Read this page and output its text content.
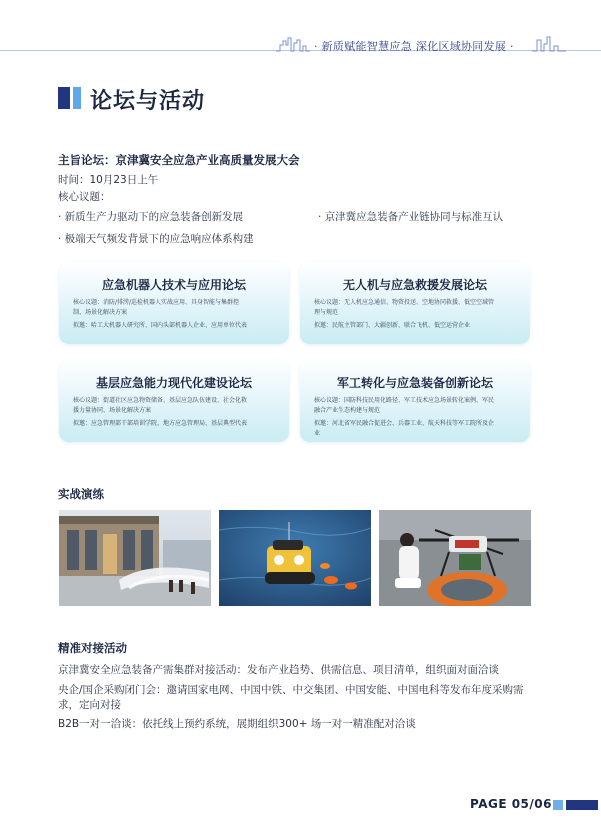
· 新质赋能智慧应急 深化区域协同发展 ·
论坛与活动
主旨论坛：京津冀安全应急产业高质量发展大会
时间：10月23日上午
核心议题：
· 新质生产力驱动下的应急装备创新发展	· 京津冀应急装备产业链协同与标准互认
· 极端天气频发背景下的应急响应体系构建
应急机器人技术与应用论坛
核心议题：消防/排涝/巡检机器人实战应用、具身智能与集群控
制、场景化解决方案
拟邀：哈工大机器人研究所、国内头部机器人企业、应用单位代表
无人机与应急救援发展论坛
核心议题：无人机应急通信、物资投送、空地协同救援、低空空域管
理与规范
拟邀：民航主管部门、大疆创新、联合飞机、低空运营企业
基层应急能力现代化建设论坛
核心议题：街道社区应急物资储备、基层应急队伍建设、社会化救
援力量协同、场景化解决方案
拟邀：应急管理部干部培训学院、地方应急管理局、基层典型代表
军工转化与应急装备创新论坛
核心议题：国防科技民用化路径、军工技术应急场景转化案例、军民
融合产业生态构建与规范
拟邀：河北省军民融合促进会、兵器工业、航天科技等军工院所及企
业
实战演练
精准对接活动
京津冀安全应急装备产需集群对接活动：发布产业趋势、供需信息、项目清单，组织面对面洽谈
央企/国企采购闭门会：邀请国家电网、中国中铁、中交集团、中国安能、中国电科等发布年度采购需
求，定向对接
B2B一对一洽谈：依托线上预约系统，展期组织300+ 场一对一精准配对洽谈
PAGE 05/06
